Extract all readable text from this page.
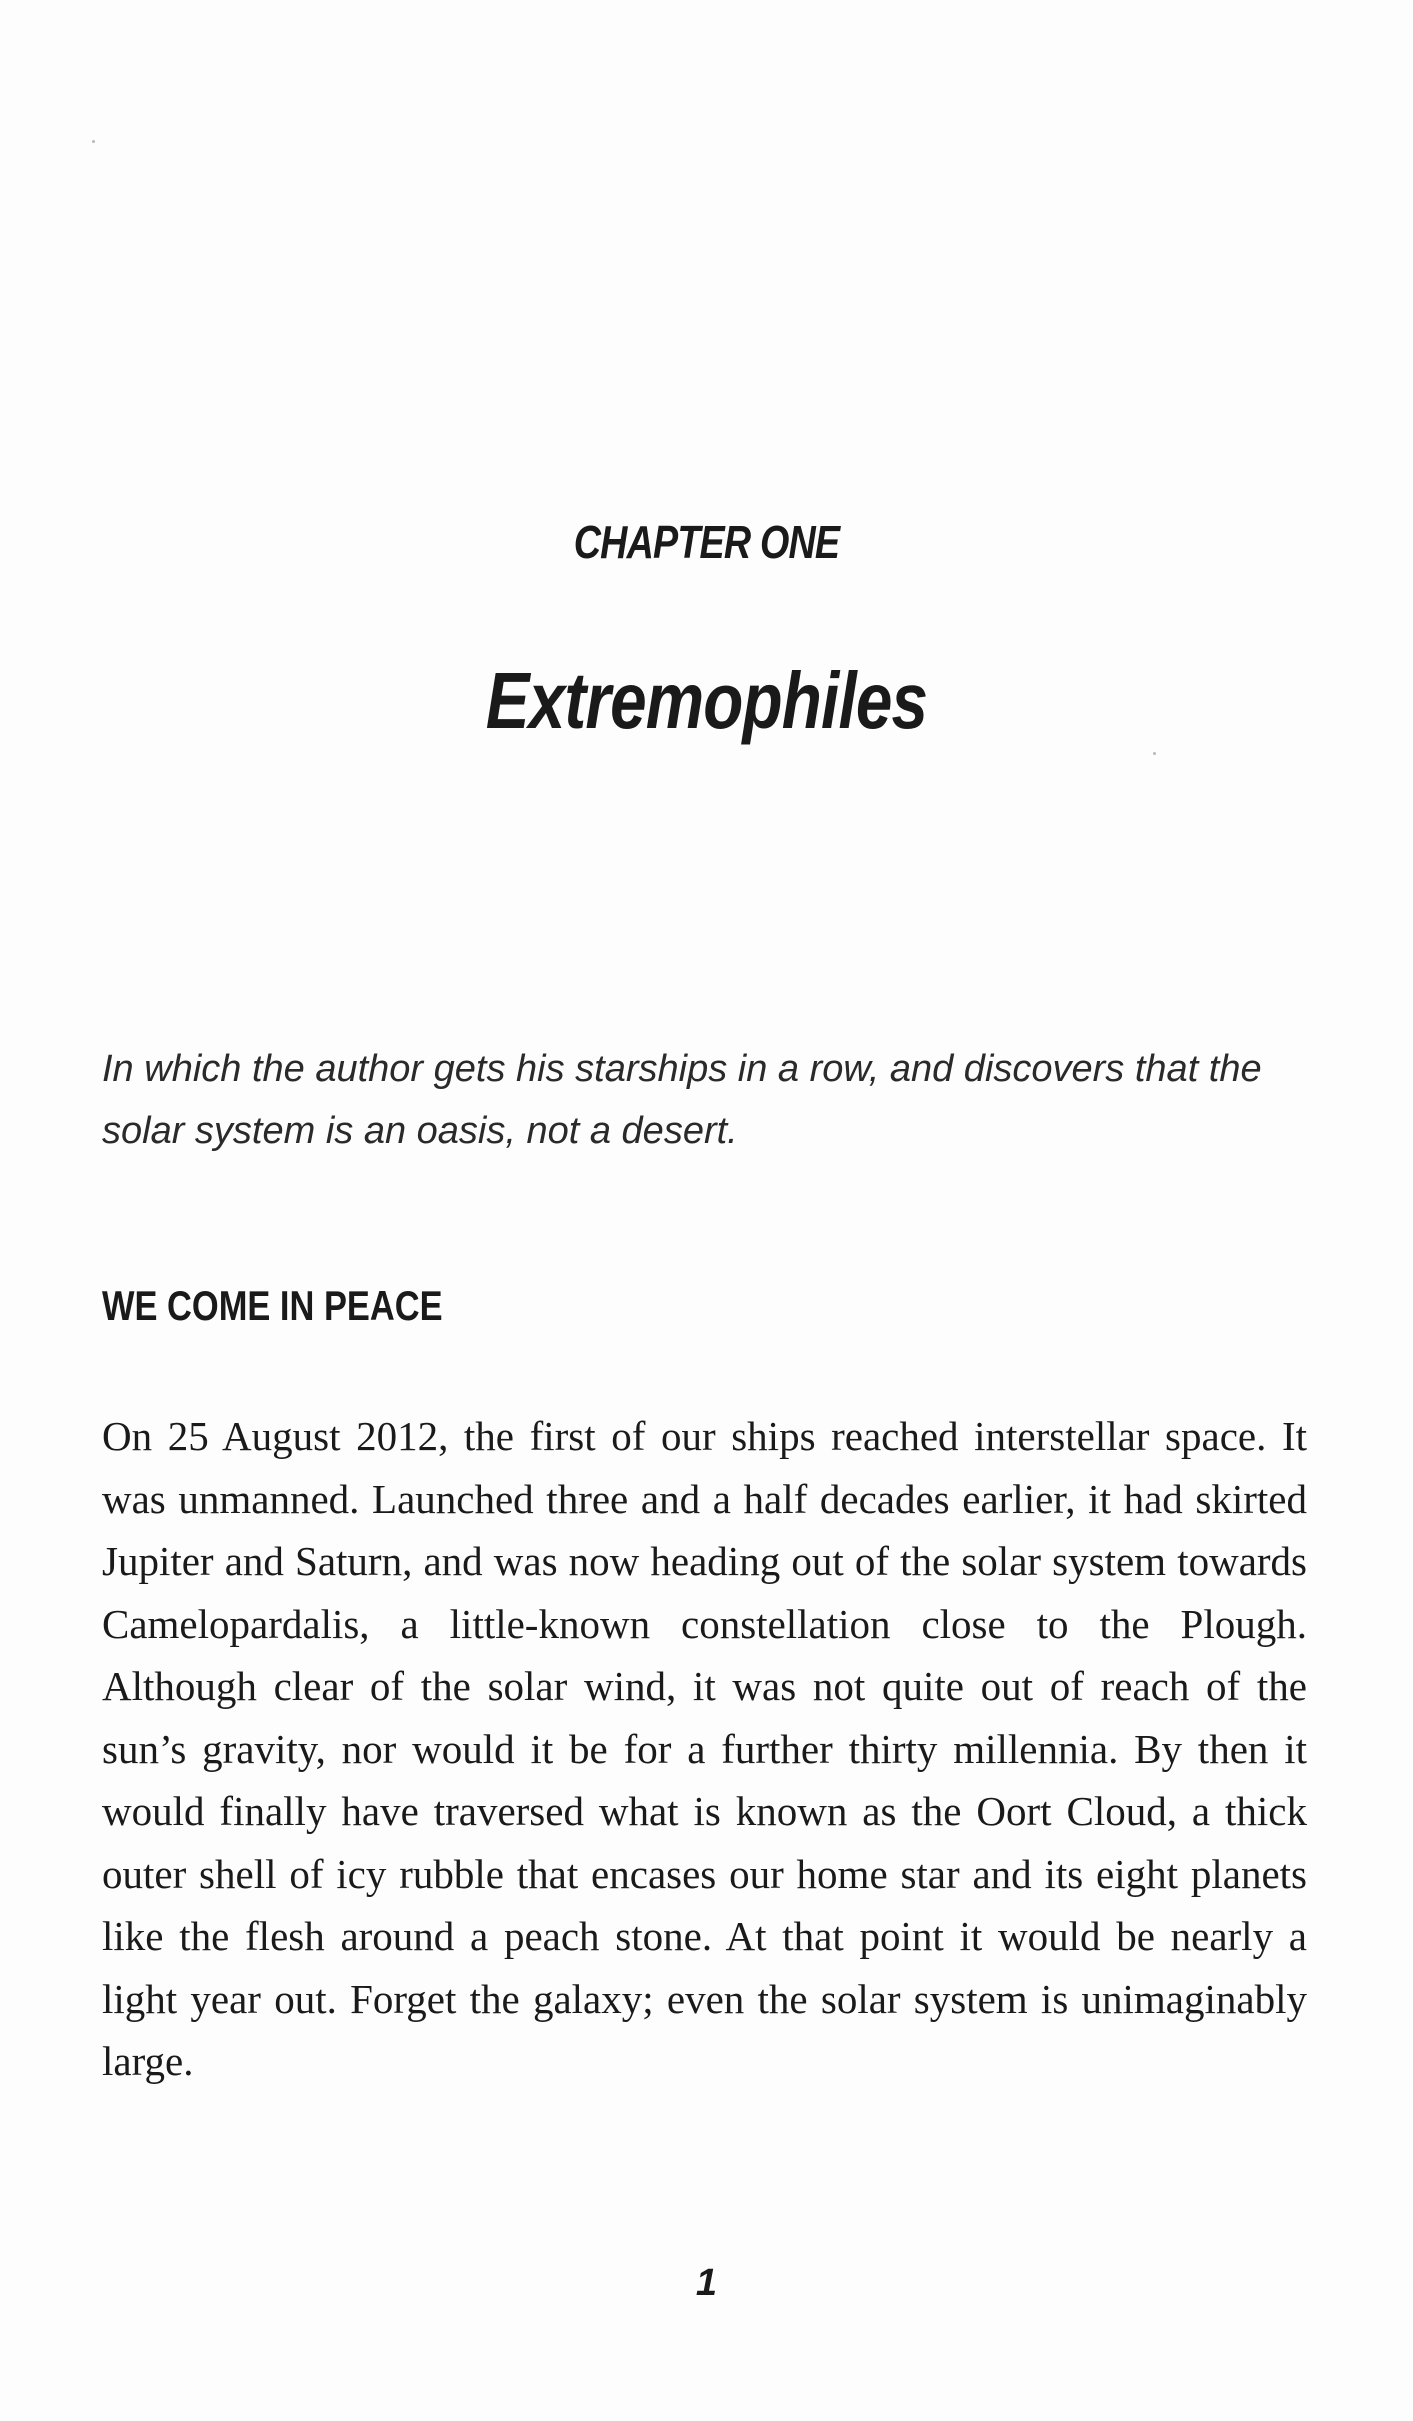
CHAPTER ONE
Extremophiles
In which the author gets his starships in a row, and discovers that the solar system is an oasis, not a desert.
WE COME IN PEACE
On 25 August 2012, the first of our ships reached interstellar space. It was unmanned. Launched three and a half decades earlier, it had skirted Jupiter and Saturn, and was now heading out of the solar system towards Camelopardalis, a little-known constellation close to the Plough. Although clear of the solar wind, it was not quite out of reach of the sun’s gravity, nor would it be for a further thirty millennia. By then it would finally have traversed what is known as the Oort Cloud, a thick outer shell of icy rubble that encases our home star and its eight planets like the flesh around a peach stone. At that point it would be nearly a light year out. Forget the galaxy; even the solar system is unimaginably large.
1
